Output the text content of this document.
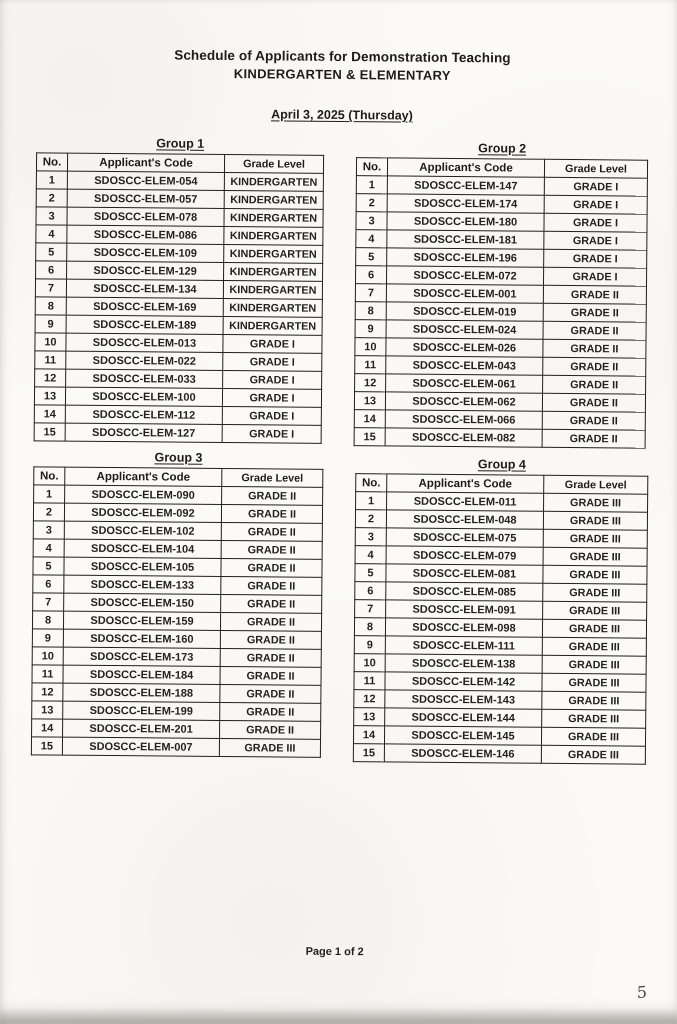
Schedule of Applicants for Demonstration Teaching
KINDERGARTEN & ELEMENTARY
April 3, 2025 (Thursday)
Group 1
No.	Applicant's Code	Grade Level
1	SDOSCC-ELEM-054	KINDERGARTEN
2	SDOSCC-ELEM-057	KINDERGARTEN
3	SDOSCC-ELEM-078	KINDERGARTEN
4	SDOSCC-ELEM-086	KINDERGARTEN
5	SDOSCC-ELEM-109	KINDERGARTEN
6	SDOSCC-ELEM-129	KINDERGARTEN
7	SDOSCC-ELEM-134	KINDERGARTEN
8	SDOSCC-ELEM-169	KINDERGARTEN
9	SDOSCC-ELEM-189	KINDERGARTEN
10	SDOSCC-ELEM-013	GRADE I
11	SDOSCC-ELEM-022	GRADE I
12	SDOSCC-ELEM-033	GRADE I
13	SDOSCC-ELEM-100	GRADE I
14	SDOSCC-ELEM-112	GRADE I
15	SDOSCC-ELEM-127	GRADE I
Group 2
No.	Applicant's Code	Grade Level
1	SDOSCC-ELEM-147	GRADE I
2	SDOSCC-ELEM-174	GRADE I
3	SDOSCC-ELEM-180	GRADE I
4	SDOSCC-ELEM-181	GRADE I
5	SDOSCC-ELEM-196	GRADE I
6	SDOSCC-ELEM-072	GRADE I
7	SDOSCC-ELEM-001	GRADE II
8	SDOSCC-ELEM-019	GRADE II
9	SDOSCC-ELEM-024	GRADE II
10	SDOSCC-ELEM-026	GRADE II
11	SDOSCC-ELEM-043	GRADE II
12	SDOSCC-ELEM-061	GRADE II
13	SDOSCC-ELEM-062	GRADE II
14	SDOSCC-ELEM-066	GRADE II
15	SDOSCC-ELEM-082	GRADE II
Group 3
No.	Applicant's Code	Grade Level
1	SDOSCC-ELEM-090	GRADE II
2	SDOSCC-ELEM-092	GRADE II
3	SDOSCC-ELEM-102	GRADE II
4	SDOSCC-ELEM-104	GRADE II
5	SDOSCC-ELEM-105	GRADE II
6	SDOSCC-ELEM-133	GRADE II
7	SDOSCC-ELEM-150	GRADE II
8	SDOSCC-ELEM-159	GRADE II
9	SDOSCC-ELEM-160	GRADE II
10	SDOSCC-ELEM-173	GRADE II
11	SDOSCC-ELEM-184	GRADE II
12	SDOSCC-ELEM-188	GRADE II
13	SDOSCC-ELEM-199	GRADE II
14	SDOSCC-ELEM-201	GRADE II
15	SDOSCC-ELEM-007	GRADE III
Group 4
No.	Applicant's Code	Grade Level
1	SDOSCC-ELEM-011	GRADE III
2	SDOSCC-ELEM-048	GRADE III
3	SDOSCC-ELEM-075	GRADE III
4	SDOSCC-ELEM-079	GRADE III
5	SDOSCC-ELEM-081	GRADE III
6	SDOSCC-ELEM-085	GRADE III
7	SDOSCC-ELEM-091	GRADE III
8	SDOSCC-ELEM-098	GRADE III
9	SDOSCC-ELEM-111	GRADE III
10	SDOSCC-ELEM-138	GRADE III
11	SDOSCC-ELEM-142	GRADE III
12	SDOSCC-ELEM-143	GRADE III
13	SDOSCC-ELEM-144	GRADE III
14	SDOSCC-ELEM-145	GRADE III
15	SDOSCC-ELEM-146	GRADE III
Page 1 of 2
5
